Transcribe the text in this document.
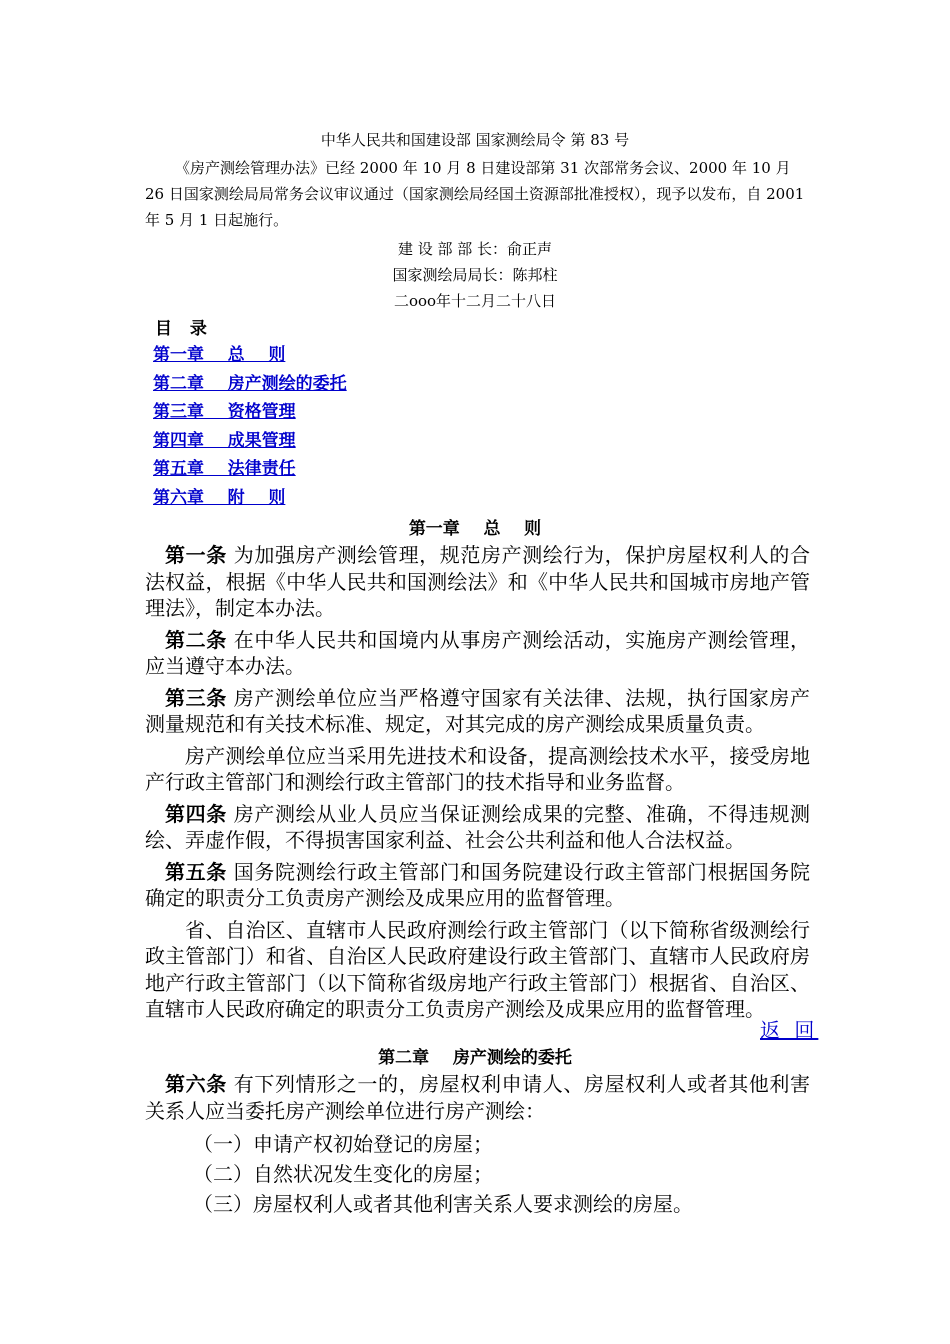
中华人民共和国建设部 国家测绘局令 第 83 号
《房产测绘管理办法》已经 2000 年 10 月 8 日建设部第 31 次部常务会议、2000 年 10 月 26 日国家测绘局局常务会议审议通过（国家测绘局经国土资源部批准授权），现予以发布，自 2001 年 5 月 1 日起施行。
建 设 部 部 长：俞正声
国家测绘局局长：陈邦柱
二ooo年十二月二十八日
目 录
第一章    总    则
第二章    房产测绘的委托
第三章    资格管理
第四章    成果管理
第五章    法律责任
第六章    附    则
第一章    总    则

第一条 为加强房产测绘管理，规范房产测绘行为，保护房屋权利人的合法权益，根据《中华人民共和国测绘法》和《中华人民共和国城市房地产管理法》，制定本办法。

第二条 在中华人民共和国境内从事房产测绘活动，实施房产测绘管理，应当遵守本办法。

第三条 房产测绘单位应当严格遵守国家有关法律、法规，执行国家房产测量规范和有关技术标准、规定，对其完成的房产测绘成果质量负责。

房产测绘单位应当采用先进技术和设备，提高测绘技术水平，接受房地产行政主管部门和测绘行政主管部门的技术指导和业务监督。

第四条 房产测绘从业人员应当保证测绘成果的完整、准确，不得违规测绘、弄虚作假，不得损害国家利益、社会公共利益和他人合法权益。

第五条 国务院测绘行政主管部门和国务院建设行政主管部门根据国务院确定的职责分工负责房产测绘及成果应用的监督管理。

省、自治区、直辖市人民政府测绘行政主管部门（以下简称省级测绘行政主管部门）和省、自治区人民政府建设行政主管部门、直辖市人民政府房地产行政主管部门（以下简称省级房地产行政主管部门）根据省、自治区、直辖市人民政府确定的职责分工负责房产测绘及成果应用的监督管理。

返 回
第二章    房产测绘的委托

第六条 有下列情形之一的，房屋权利申请人、房屋权利人或者其他利害关系人应当委托房产测绘单位进行房产测绘：

（一）申请产权初始登记的房屋；

（二）自然状况发生变化的房屋；

（三）房屋权利人或者其他利害关系人要求测绘的房屋。
